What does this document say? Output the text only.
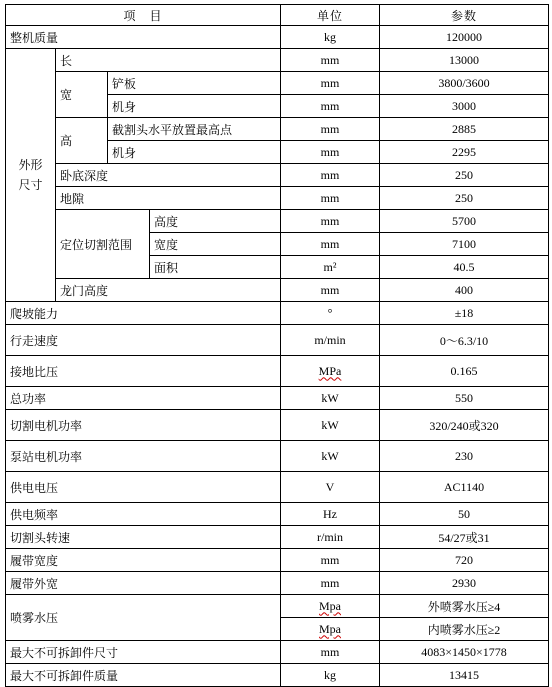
项　目				单位	参数
整机质量				kg	120000
外形
尺寸	长			mm	13000
	宽	铲板		mm	3800/3600
		机身		mm	3000
	高	截割头水平放置最高点		mm	2885
		机身		mm	2295
	卧底深度			mm	250
	地隙			mm	250
	定位切割范围		高度	mm	5700
			宽度	mm	7100
			面积	m²	40.5
	龙门高度			mm	400
爬坡能力				°	±18
行走速度				m/min	0～6.3/10
接地比压				MPa	0.165
总功率				kW	550
切割电机功率				kW	320/240或320
泵站电机功率				kW	230
供电电压				V	AC1140
供电频率				Hz	50
切割头转速				r/min	54/27或31
履带宽度				mm	720
履带外宽				mm	2930
喷雾水压				Mpa	外喷雾水压≥4
				Mpa	内喷雾水压≥2
最大不可拆卸件尺寸				mm	4083×1450×1778
最大不可拆卸件质量				kg	13415
